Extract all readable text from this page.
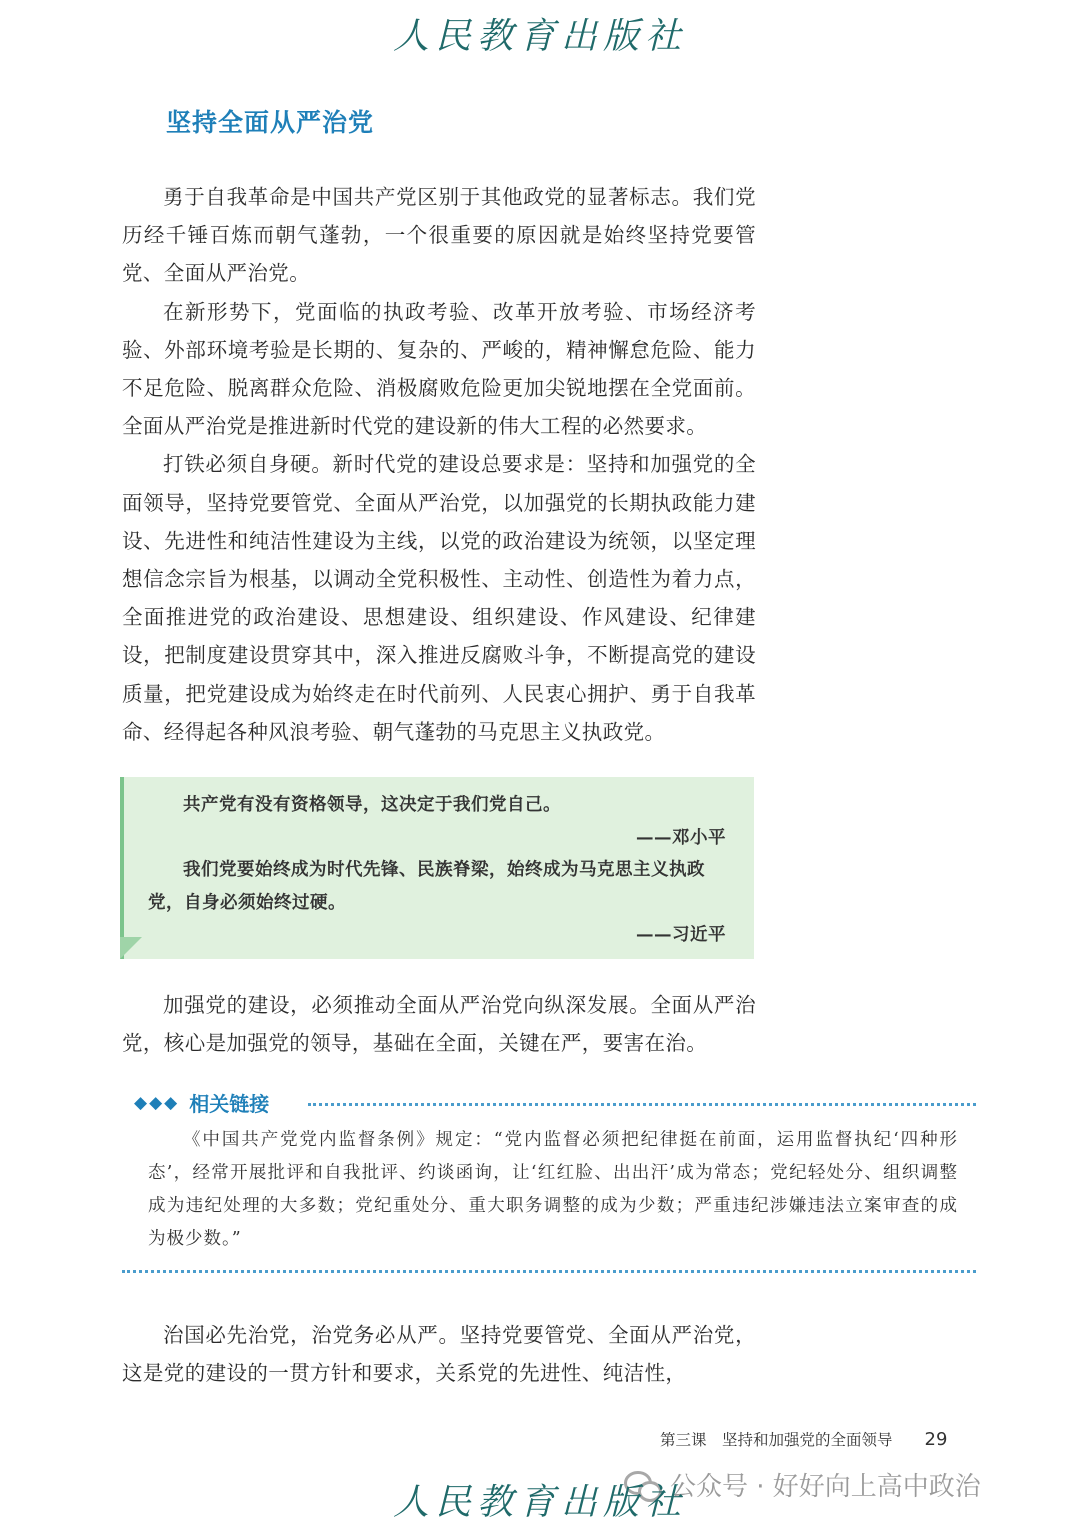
人民教育出版社
坚持全面从严治党

勇于自我革命是中国共产党区别于其他政党的显著标志。我们党历经千锤百炼而朝气蓬勃，一个很重要的原因就是始终坚持党要管党、全面从严治党。

在新形势下，党面临的执政考验、改革开放考验、市场经济考验、外部环境考验是长期的、复杂的、严峻的，精神懈怠危险、能力不足危险、脱离群众危险、消极腐败危险更加尖锐地摆在全党面前。全面从严治党是推进新时代党的建设新的伟大工程的必然要求。

打铁必须自身硬。新时代党的建设总要求是：坚持和加强党的全面领导，坚持党要管党、全面从严治党，以加强党的长期执政能力建设、先进性和纯洁性建设为主线，以党的政治建设为统领，以坚定理想信念宗旨为根基，以调动全党积极性、主动性、创造性为着力点，全面推进党的政治建设、思想建设、组织建设、作风建设、纪律建设，把制度建设贯穿其中，深入推进反腐败斗争，不断提高党的建设质量，把党建设成为始终走在时代前列、人民衷心拥护、勇于自我革命、经得起各种风浪考验、朝气蓬勃的马克思主义执政党。

共产党有没有资格领导，这决定于我们党自己。

——邓小平

我们党要始终成为时代先锋、民族脊梁，始终成为马克思主义执政党，自身必须始终过硬。

——习近平

加强党的建设，必须推动全面从严治党向纵深发展。全面从严治党，核心是加强党的领导，基础在全面，关键在严，要害在治。

◆◆◆ 相关链接

《中国共产党党内监督条例》规定：“党内监督必须把纪律挺在前面，运用监督执纪‘四种形态’，经常开展批评和自我批评、约谈函询，让‘红红脸、出出汗’成为常态；党纪轻处分、组织调整成为违纪处理的大多数；党纪重处分、重大职务调整的成为少数；严重违纪涉嫌违法立案审查的成为极少数。”

治国必先治党，治党务必从严。坚持党要管党、全面从严治党，这是党的建设的一贯方针和要求，关系党的先进性、纯洁性，

第三课　坚持和加强党的全面领导 29
公众号 · 好好向上高中政治
人民教育出版社
